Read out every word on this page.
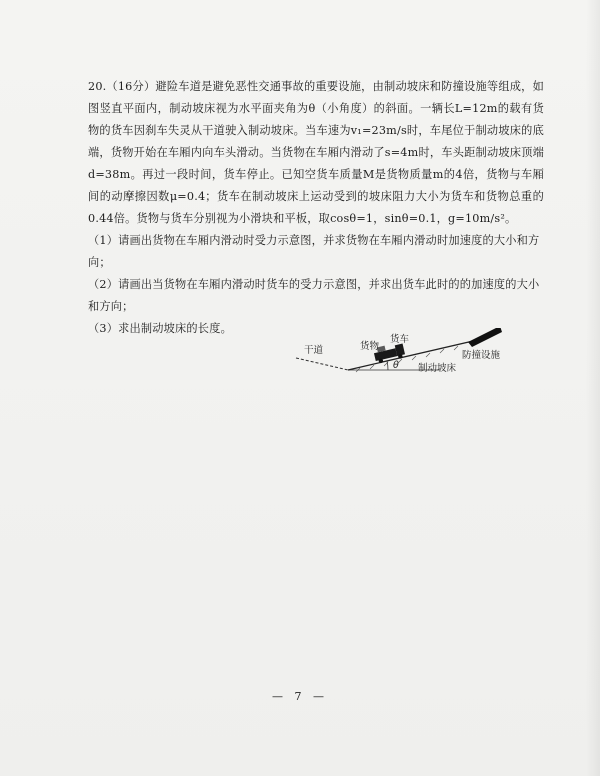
20.（16分）避险车道是避免恶性交通事故的重要设施，由制动坡床和防撞设施等组成，如图竖直平面内，制动坡床视为水平面夹角为θ（小角度）的斜面。一辆长L=12m的载有货物的货车因刹车失灵从干道驶入制动坡床。当车速为v₁=23m/s时，车尾位于制动坡床的底端，货物开始在车厢内向车头滑动。当货物在车厢内滑动了s=4m时，车头距制动坡床顶端d=38m。再过一段时间，货车停止。已知空货车质量M是货物质量m的4倍，货物与车厢间的动摩擦因数μ=0.4；货车在制动坡床上运动受到的坡床阻力大小为货车和货物总重的0.44倍。货物与货车分别视为小滑块和平板，取cosθ=1，sinθ=0.1，g=10m/s²。

（1）请画出货物在车厢内滑动时受力示意图，并求货物在车厢内滑动时加速度的大小和方向；

（2）请画出当货物在车厢内滑动时货车的受力示意图，并求出货车此时的的加速度的大小和方向；

（3）求出制动坡床的长度。

干道	货物
货车
防撞设施
制动坡床
θ
— 7 —
